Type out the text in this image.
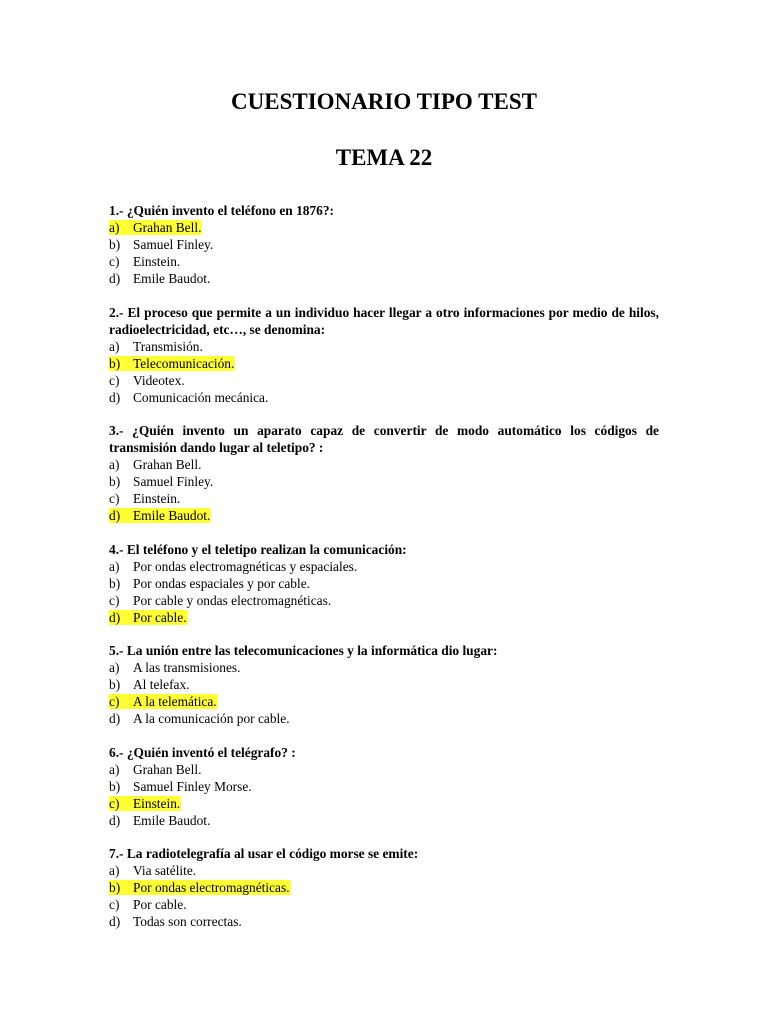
CUESTIONARIO TIPO TEST
TEMA 22

1.- ¿Quién invento el teléfono en 1876?:

a) Grahan Bell.
b) Samuel Finley.
c) Einstein.
d) Emile Baudot.

2.- El proceso que permite a un individuo hacer llegar a otro informaciones por medio de hilos, radioelectricidad, etc…, se denomina:

a) Transmisión.
b) Telecomunicación.
c) Videotex.
d) Comunicación mecánica.

3.- ¿Quién invento un aparato capaz de convertir de modo automático los códigos de transmisión dando lugar al teletipo? :

a) Grahan Bell.
b) Samuel Finley.
c) Einstein.
d) Emile Baudot.

4.- El teléfono y el teletipo realizan la comunicación:

a) Por ondas electromagnéticas y espaciales.
b) Por ondas espaciales y por cable.
c) Por cable y ondas electromagnéticas.
d) Por cable.

5.- La unión entre las telecomunicaciones y la informática dio lugar:

a) A las transmisiones.
b) Al telefax.
c) A la telemática.
d) A la comunicación por cable.

6.- ¿Quién inventó el telégrafo? :

a) Grahan Bell.
b) Samuel Finley Morse.
c) Einstein.
d) Emile Baudot.

7.- La radiotelegrafía al usar el código morse se emite:

a) Via satélite.
b) Por ondas electromagnéticas.
c) Por cable.
d) Todas son correctas.
